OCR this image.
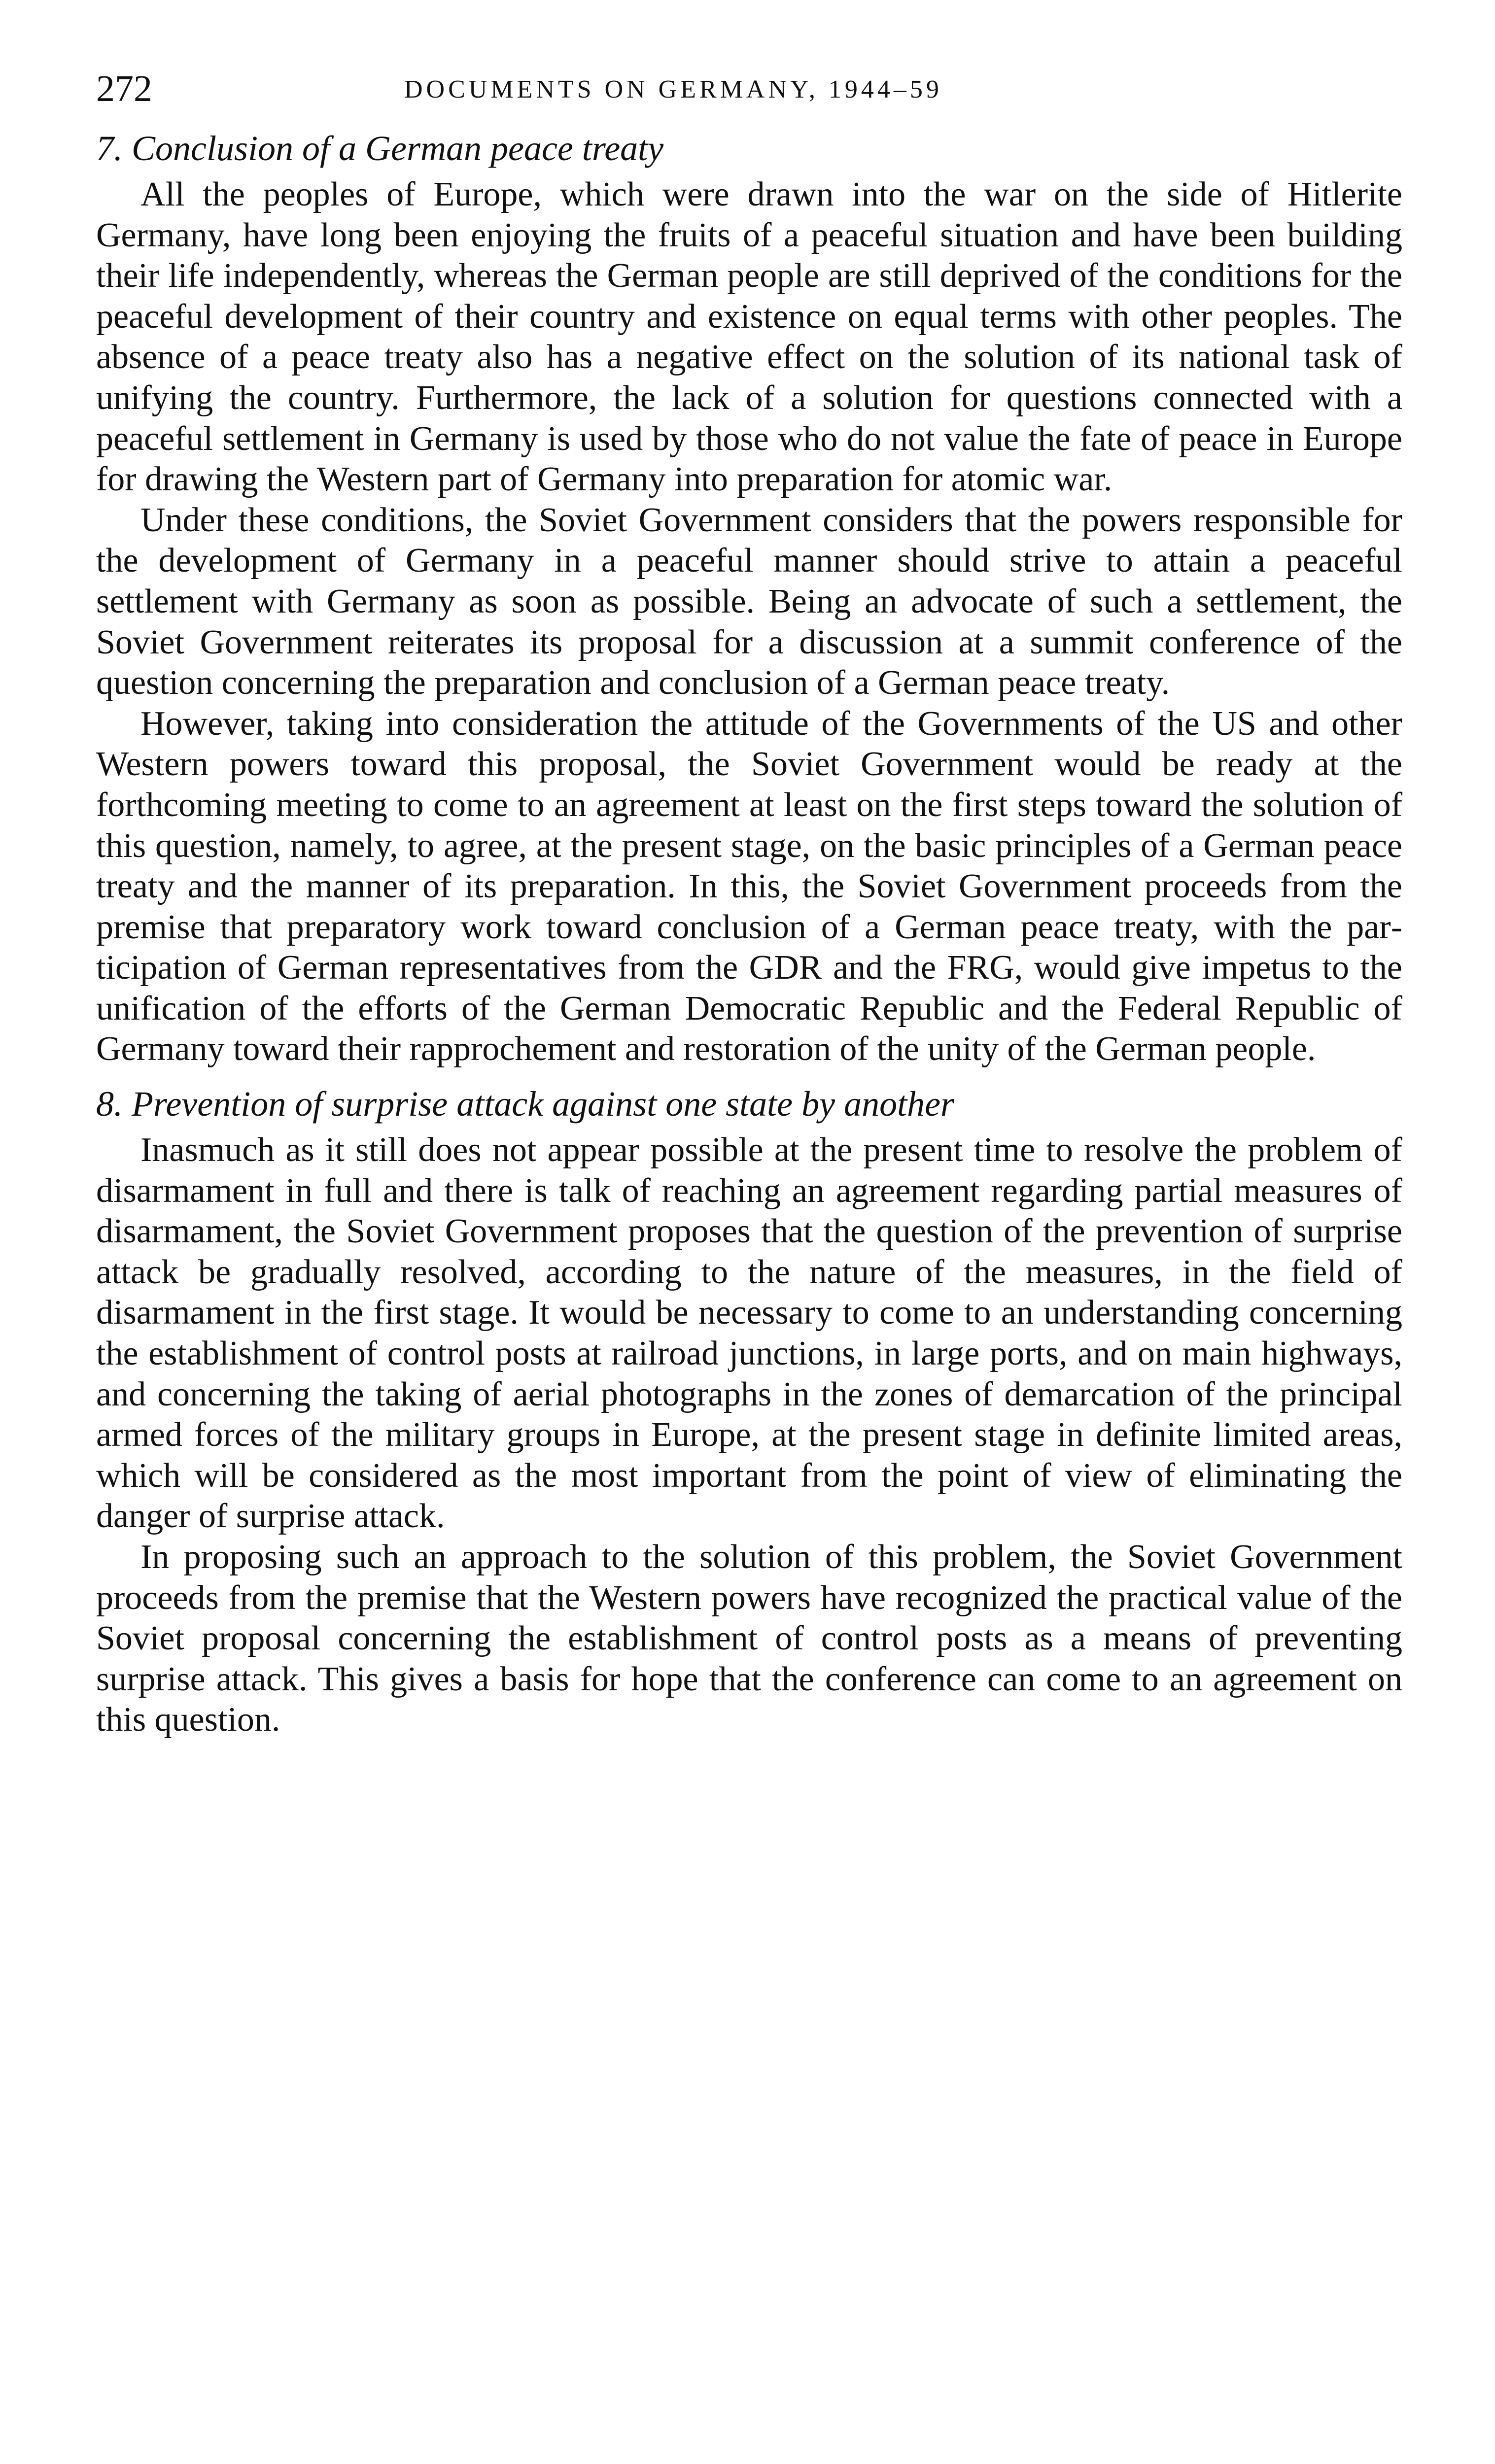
272	DOCUMENTS ON GERMANY, 1944–59
7. Conclusion of a German peace treaty

All the peoples of Europe, which were drawn into the war on the side of Hitlerite Germany, have long been enjoying the fruits of a peaceful situation and have been building their life independently, whereas the German people are still deprived of the conditions for the peaceful development of their country and existence on equal terms with other peoples. The absence of a peace treaty also has a negative effect on the solution of its national task of unifying the country. Furthermore, the lack of a solution for questions connected with a peaceful settlement in Germany is used by those who do not value the fate of peace in Europe for drawing the Western part of Germany into preparation for atomic war.

Under these conditions, the Soviet Government considers that the powers responsible for the development of Germany in a peaceful manner should strive to attain a peaceful settlement with Germany as soon as possible. Being an advocate of such a settlement, the Soviet Government reiterates its proposal for a discussion at a summit conference of the question concerning the preparation and conclusion of a German peace treaty.

However, taking into consideration the attitude of the Governments of the US and other Western powers toward this proposal, the Soviet Government would be ready at the forthcoming meeting to come to an agreement at least on the first steps toward the solution of this question, namely, to agree, at the present stage, on the basic principles of a German peace treaty and the manner of its preparation. In this, the Soviet Government proceeds from the premise that preparatory work toward conclusion of a German peace treaty, with the participation of German representatives from the GDR and the FRG, would give impetus to the unification of the efforts of the German Democratic Republic and the Federal Republic of Germany toward their rapprochement and restoration of the unity of the German people.

8. Prevention of surprise attack against one state by another

Inasmuch as it still does not appear possible at the present time to resolve the problem of disarmament in full and there is talk of reaching an agreement regarding partial measures of disarmament, the Soviet Government proposes that the question of the prevention of surprise attack be gradually resolved, according to the nature of the measures, in the field of disarmament in the first stage. It would be necessary to come to an understanding concerning the establishment of control posts at railroad junctions, in large ports, and on main highways, and concerning the taking of aerial photographs in the zones of demarcation of the principal armed forces of the military groups in Europe, at the present stage in definite limited areas, which will be considered as the most important from the point of view of eliminating the danger of surprise attack.

In proposing such an approach to the solution of this problem, the Soviet Government proceeds from the premise that the Western powers have recognized the practical value of the Soviet proposal concerning the establishment of control posts as a means of preventing surprise attack. This gives a basis for hope that the conference can come to an agreement on this question.
